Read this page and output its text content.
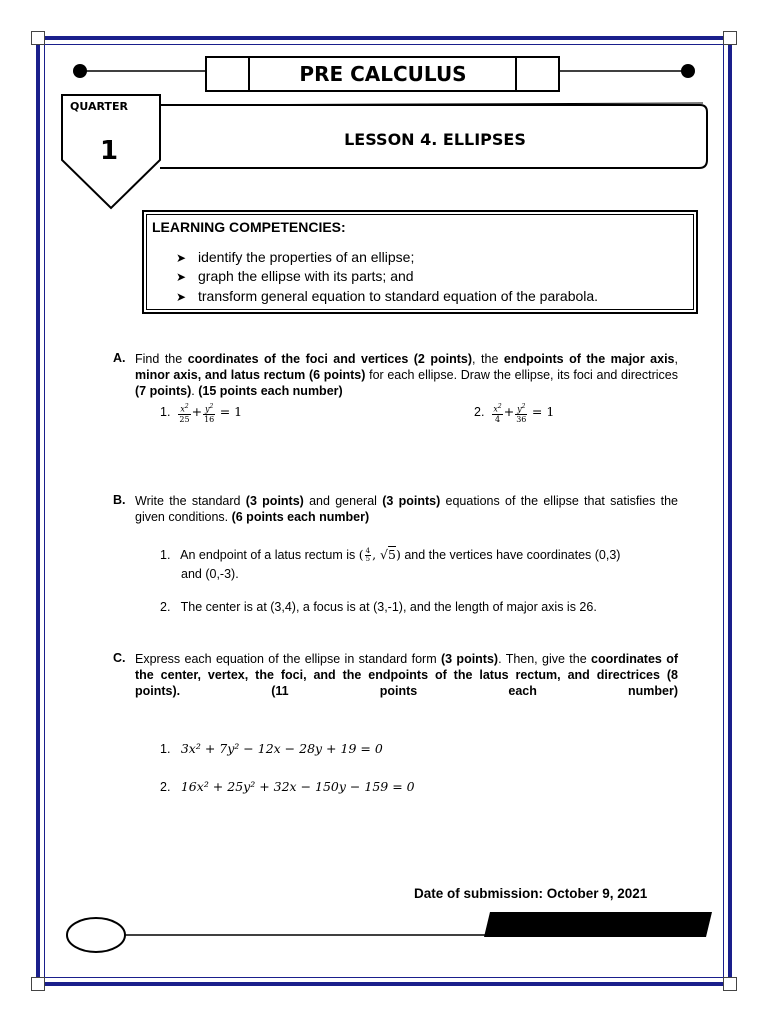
PRE CALCULUS
QUARTER
1	LESSON 4. ELLIPSES
LEARNING COMPETENCIES:
➤ identify the properties of an ellipse;
➤ graph the ellipse with its parts; and
➤ transform general equation to standard equation of the parabola.
A. Find the coordinates of the foci and vertices (2 points), the endpoints of the major axis, minor axis, and latus rectum (6 points) for each ellipse. Draw the ellipse, its foci and directrices (7 points). (15 points each number)
1. $\frac{x^2}{25} + \frac{y^2}{16} = 1$	2. $\frac{x^2}{4} + \frac{y^2}{36} = 1$
B. Write the standard (3 points) and general (3 points) equations of the ellipse that satisfies the given conditions. (6 points each number)
1. An endpoint of a latus rectum is ( $\frac{4}{5}$ , √5) and the vertices have coordinates (0,3)
and (0,-3).
2. The center is at (3,4), a focus is at (3,-1), and the length of major axis is 26.
C. Express each equation of the ellipse in standard form (3 points). Then, give the coordinates of the center, vertex, the foci, and the endpoints of the latus rectum, and directrices (8 points). (11 points each number)
1. 3x² + 7y² − 12x − 28y + 19 = 0
2. 16x² + 25y² + 32x − 150y − 159 = 0
Date of submission: October 9, 2021
